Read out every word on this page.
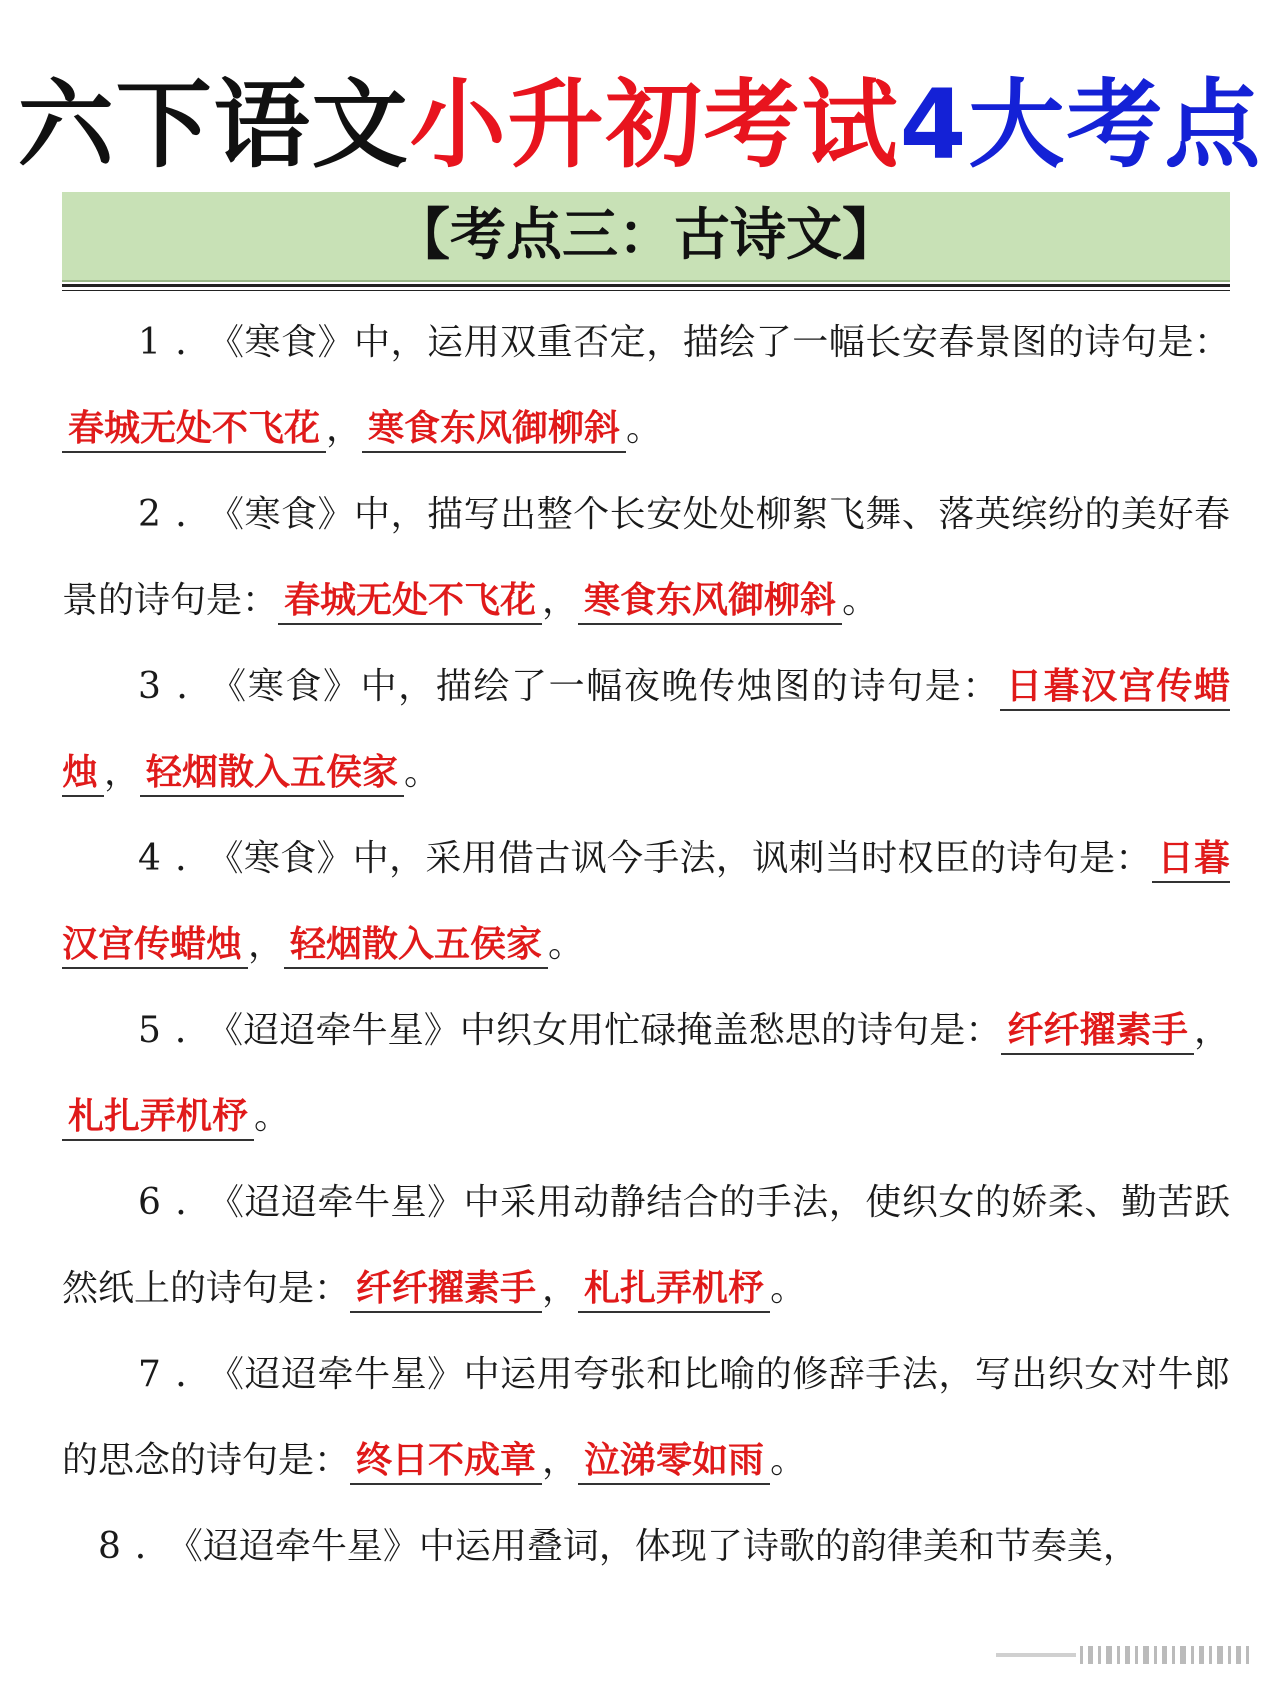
六下语文小升初考试4大考点
【考点三：古诗文】

1．《寒食》中，运用双重否定，描绘了一幅长安春景图的诗句是：春城无处不飞花 ， 寒食东风御柳斜 。

2．《寒食》中，描写出整个长安处处柳絮飞舞、落英缤纷的美好春景的诗句是： 春城无处不飞花 ， 寒食东风御柳斜 。

3．《寒食》中，描绘了一幅夜晚传烛图的诗句是： 日暮汉宫传蜡烛 ， 轻烟散入五侯家 。

4．《寒食》中，采用借古讽今手法，讽刺当时权臣的诗句是： 日暮汉宫传蜡烛 ， 轻烟散入五侯家 。

5．《迢迢牵牛星》中织女用忙碌掩盖愁思的诗句是： 纤纤擢素手 ，札扎弄机杼 。

6．《迢迢牵牛星》中采用动静结合的手法，使织女的娇柔、勤苦跃然纸上的诗句是： 纤纤擢素手 ， 札扎弄机杼 。

7．《迢迢牵牛星》中运用夸张和比喻的修辞手法，写出织女对牛郎的思念的诗句是： 终日不成章 ， 泣涕零如雨 。

8．《迢迢牵牛星》中运用叠词，体现了诗歌的韵律美和节奏美，
